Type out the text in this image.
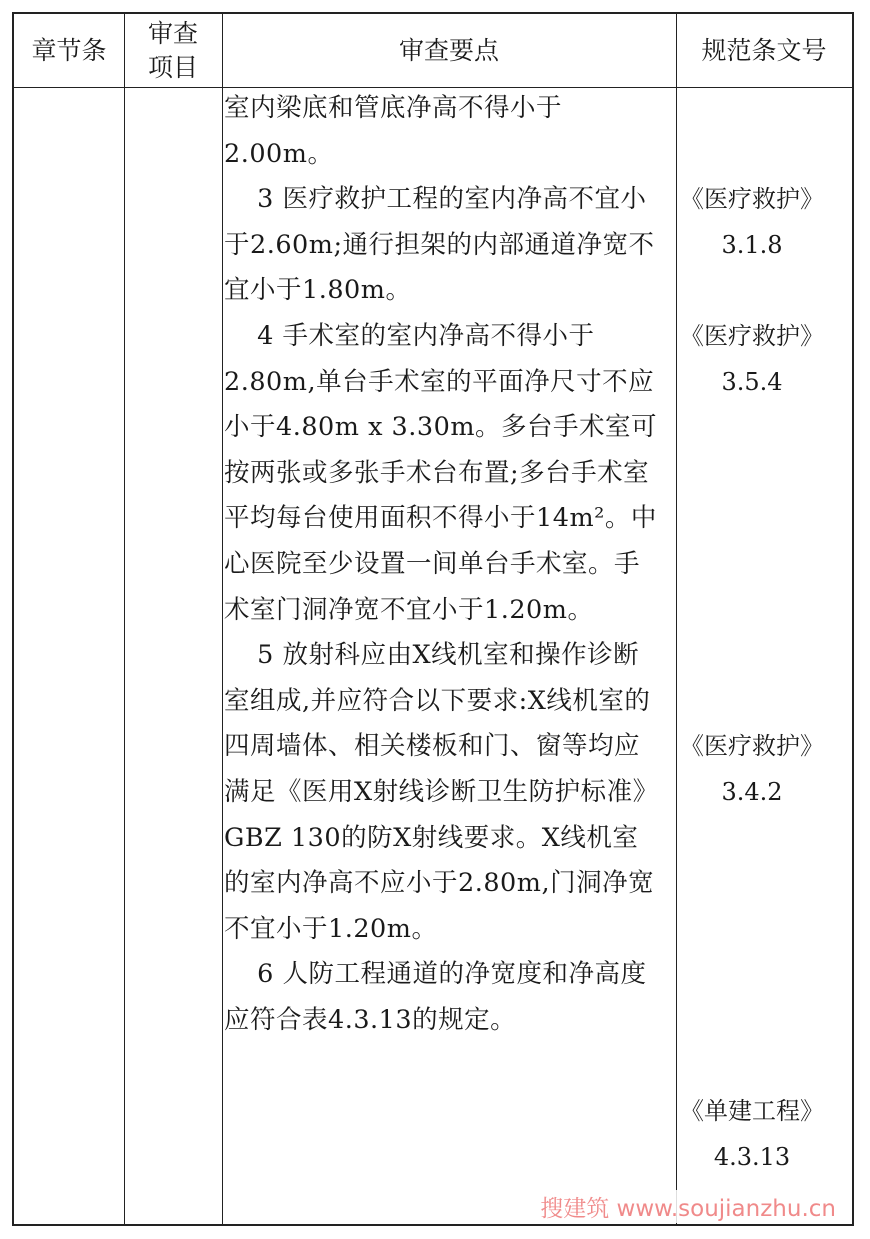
章节条
审查
项目
审查要点	规范条文号

室内梁底和管底净高不得小于2.00m。

3 医疗救护工程的室内净高不宜小于2.60m;通行担架的内部通道净宽不宜小于1.80m。

4 手术室的室内净高不得小于2.80m,单台手术室的平面净尺寸不应小于4.80m x 3.30m。多台手术室可按两张或多张手术台布置;多台手术室平均每台使用面积不得小于14m²。中心医院至少设置一间单台手术室。手术室门洞净宽不宜小于1.20m。

5 放射科应由X线机室和操作诊断室组成,并应符合以下要求:X线机室的四周墙体、相关楼板和门、窗等均应满足《医用X射线诊断卫生防护标准》GBZ 130的防X射线要求。X线机室的室内净高不应小于2.80m,门洞净宽不宜小于1.20m。

6 人防工程通道的净宽度和净高度应符合表4.3.13的规定。

《医疗救护》
3.1.8
《医疗救护》
3.5.4
《医疗救护》
3.4.2
《单建工程》
4.3.13
搜建筑 www.soujianzhu.cn
